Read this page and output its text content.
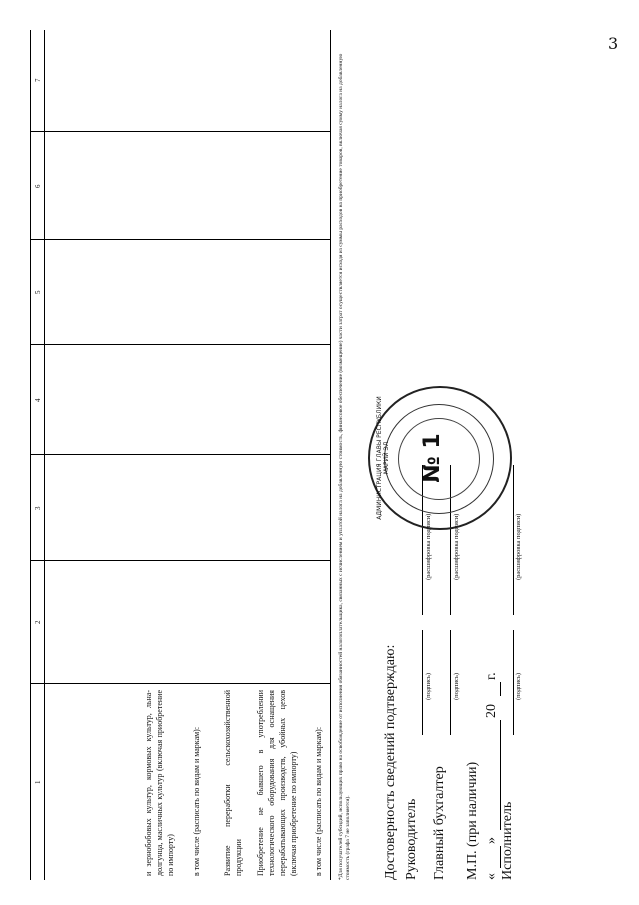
3
1
2
3
4
5
6
7
и зернобобовых культур, кормовых культур, льна-долгунца, масличных культур (включая приобретение по импорту) в том числе (расписать по видам и маркам):	Развитие переработки сельскохозяйственной продукции Приобретение не бывшего в употреблении технологического оборудования для оснащения перерабатывающих производств, убойных цехов (включая приобретение по импорту) в том числе (расписать по видам и маркам):	*Для получателей субсидий, использующих право на освобождение от исполнения обязанностей налогоплательщика, связанных с исчислением и уплатой налога на добавленную стоимость, финансовое обеспечение (возмещение) части затрат осуществляется исходя из суммы расходов на приобретение товаров, включая сумму налога на добавленную стоимость (графа 7 не заполняется). Достоверность сведений подтверждаю: Руководитель
(подпись)
(расшифровка подписи)
Главный бухгалтер
(подпись)
(расшифровка подписи)
М.П. (при наличии) «
»
20
г.
Исполнитель
(подпись)
(расшифровка подписи)
АДМИНИСТРАЦИЯ ГЛАВЫ РЕСПУБЛИКИ МАРИЙ ЭЛ № 1
